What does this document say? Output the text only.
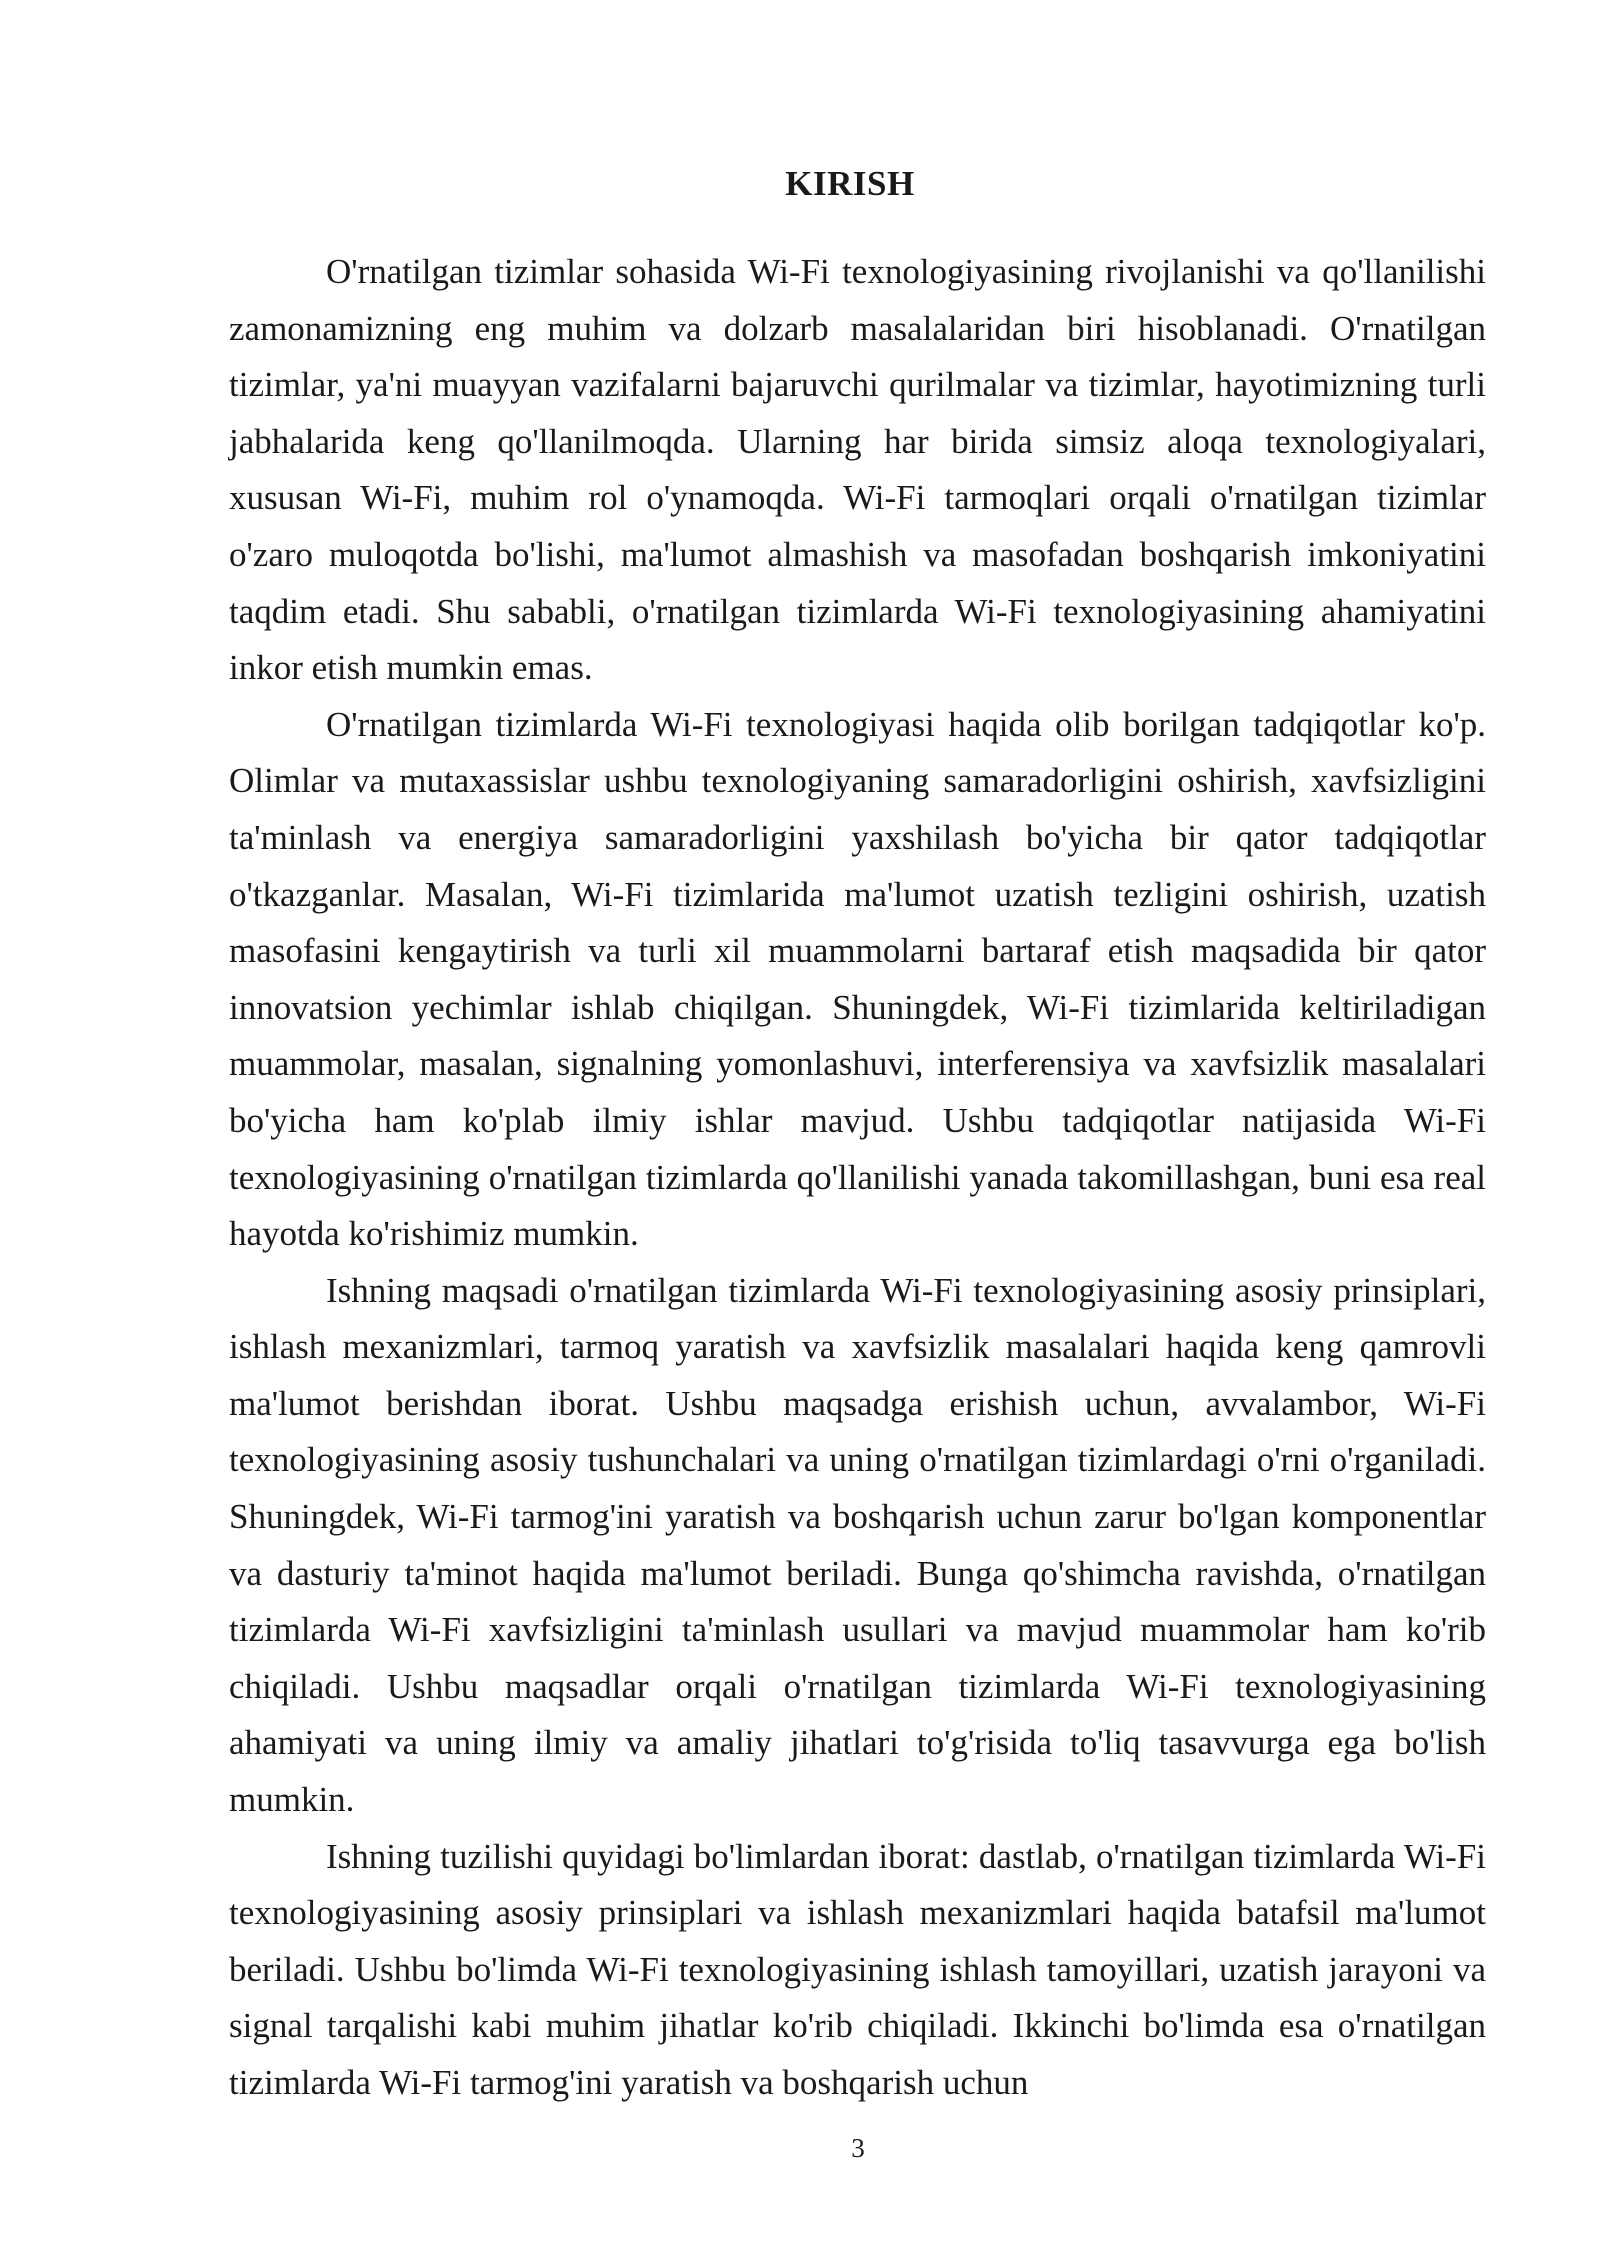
KIRISH

O'rnatilgan tizimlar sohasida Wi-Fi texnologiyasining rivojlanishi va qo'llanilishi zamonamizning eng muhim va dolzarb masalalaridan biri hisoblanadi. O'rnatilgan tizimlar, ya'ni muayyan vazifalarni bajaruvchi qurilmalar va tizimlar, hayotimizning turli jabhalarida keng qo'llanilmoqda. Ularning har birida simsiz aloqa texnologiyalari, xususan Wi-Fi, muhim rol o'ynamoqda. Wi-Fi tarmoqlari orqali o'rnatilgan tizimlar o'zaro muloqotda bo'lishi, ma'lumot almashish va masofadan boshqarish imkoniyatini taqdim etadi. Shu sababli, o'rnatilgan tizimlarda Wi-Fi texnologiyasining ahamiyatini inkor etish mumkin emas.

O'rnatilgan tizimlarda Wi-Fi texnologiyasi haqida olib borilgan tadqiqotlar ko'p. Olimlar va mutaxassislar ushbu texnologiyaning samaradorligini oshirish, xavfsizligini ta'minlash va energiya samaradorligini yaxshilash bo'yicha bir qator tadqiqotlar o'tkazganlar. Masalan, Wi-Fi tizimlarida ma'lumot uzatish tezligini oshirish, uzatish masofasini kengaytirish va turli xil muammolarni bartaraf etish maqsadida bir qator innovatsion yechimlar ishlab chiqilgan. Shuningdek, Wi-Fi tizimlarida keltiriladigan muammolar, masalan, signalning yomonlashuvi, interferensiya va xavfsizlik masalalari bo'yicha ham ko'plab ilmiy ishlar mavjud. Ushbu tadqiqotlar natijasida Wi-Fi texnologiyasining o'rnatilgan tizimlarda qo'llanilishi yanada takomillashgan, buni esa real hayotda ko'rishimiz mumkin.

Ishning maqsadi o'rnatilgan tizimlarda Wi-Fi texnologiyasining asosiy prinsiplari, ishlash mexanizmlari, tarmoq yaratish va xavfsizlik masalalari haqida keng qamrovli ma'lumot berishdan iborat. Ushbu maqsadga erishish uchun, avvalambor, Wi-Fi texnologiyasining asosiy tushunchalari va uning o'rnatilgan tizimlardagi o'rni o'rganiladi. Shuningdek, Wi-Fi tarmog'ini yaratish va boshqarish uchun zarur bo'lgan komponentlar va dasturiy ta'minot haqida ma'lumot beriladi. Bunga qo'shimcha ravishda, o'rnatilgan tizimlarda Wi-Fi xavfsizligini ta'minlash usullari va mavjud muammolar ham ko'rib chiqiladi. Ushbu maqsadlar orqali o'rnatilgan tizimlarda Wi-Fi texnologiyasining ahamiyati va uning ilmiy va amaliy jihatlari to'g'risida to'liq tasavvurga ega bo'lish mumkin.

Ishning tuzilishi quyidagi bo'limlardan iborat: dastlab, o'rnatilgan tizimlarda Wi-Fi texnologiyasining asosiy prinsiplari va ishlash mexanizmlari haqida batafsil ma'lumot beriladi. Ushbu bo'limda Wi-Fi texnologiyasining ishlash tamoyillari, uzatish jarayoni va signal tarqalishi kabi muhim jihatlar ko'rib chiqiladi. Ikkinchi bo'limda esa o'rnatilgan tizimlarda Wi-Fi tarmog'ini yaratish va boshqarish uchun

3
